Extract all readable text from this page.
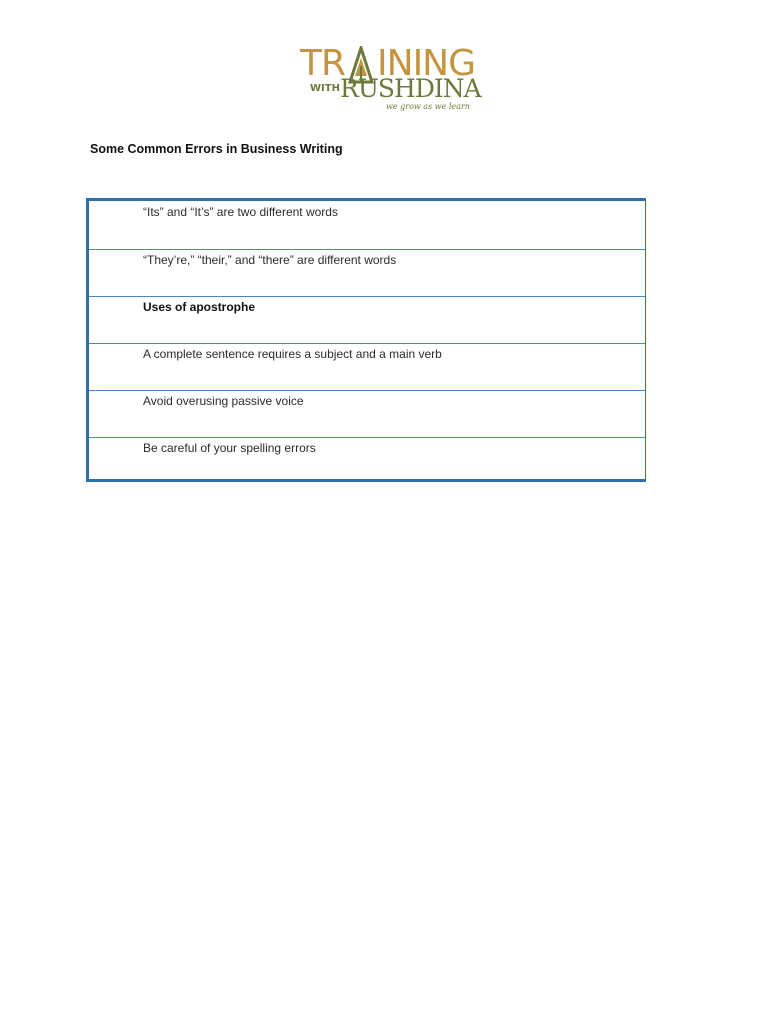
TR INING
WITH RUSHDINA
we grow as we learn
Some Common Errors in Business Writing
“Its” and “It’s” are two different words
“They’re,” “their,” and “there” are different words
Uses of apostrophe
A complete sentence requires a subject and a main verb
Avoid overusing passive voice
Be careful of your spelling errors
